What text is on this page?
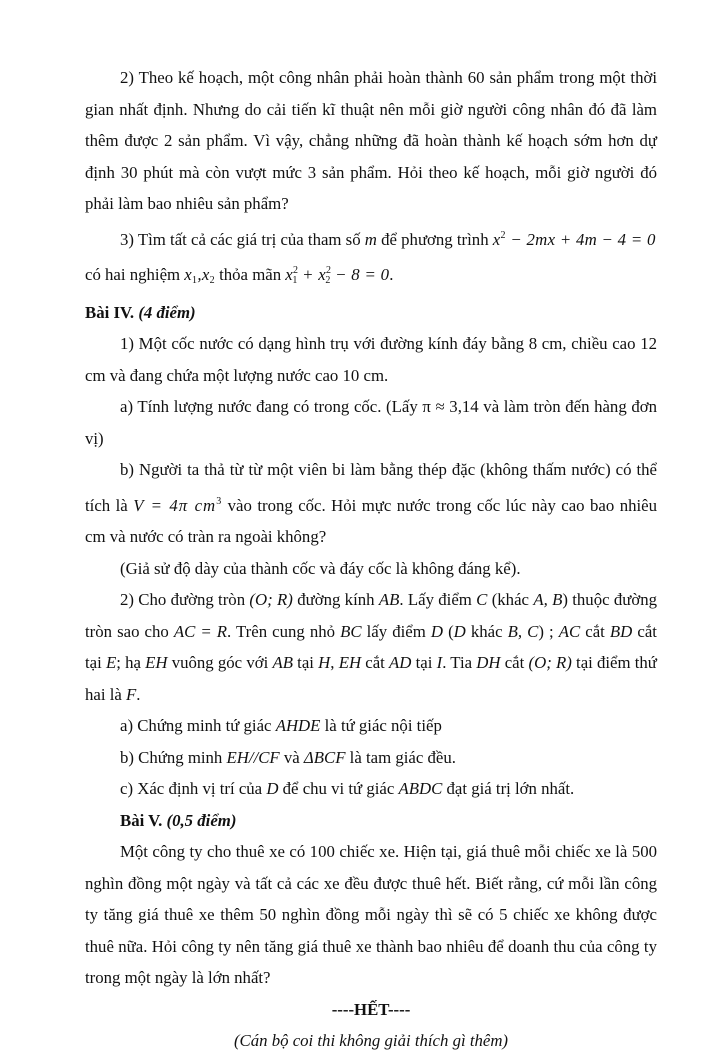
2) Theo kế hoạch, một công nhân phải hoàn thành 60 sản phẩm trong một thời gian nhất định. Nhưng do cải tiến kĩ thuật nên mỗi giờ người công nhân đó đã làm thêm được 2 sản phẩm. Vì vậy, chẳng những đã hoàn thành kế hoạch sớm hơn dự định 30 phút mà còn vượt mức 3 sản phẩm. Hỏi theo kế hoạch, mỗi giờ người đó phải làm bao nhiêu sản phẩm?

3) Tìm tất cả các giá trị của tham số m để phương trình $x^2 - 2mx + 4m - 4 = 0$

có hai nghiệm $x_1,x_2$ thỏa mãn $x^2_1 + x^2_2 - 8 = 0$.

Bài IV. (4 điểm)

1) Một cốc nước có dạng hình trụ với đường kính đáy bằng 8 cm, chiều cao 12 cm và đang chứa một lượng nước cao 10 cm.

a) Tính lượng nước đang có trong cốc. (Lấy π ≈ 3,14 và làm tròn đến hàng đơn vị)

b) Người ta thả từ từ một viên bi làm bằng thép đặc (không thấm nước) có thể tích là V = 4π $cm^3$ vào trong cốc. Hỏi mực nước trong cốc lúc này cao bao nhiêu cm và nước có tràn ra ngoài không?

(Giả sử độ dày của thành cốc và đáy cốc là không đáng kể).

2) Cho đường tròn (O; R) đường kính AB. Lấy điểm C (khác A, B) thuộc đường tròn sao cho AC = R. Trên cung nhỏ BC lấy điểm D (D khác B, C) ; AC cắt BD cắt tại E; hạ EH vuông góc với AB tại H, EH cắt AD tại I. Tia DH cắt (O; R) tại điểm thứ hai là F.

a) Chứng minh tứ giác AHDE là tứ giác nội tiếp

b) Chứng minh EH//CF và ΔBCF là tam giác đều.

c) Xác định vị trí của D để chu vi tứ giác ABDC đạt giá trị lớn nhất.

Bài V. (0,5 điểm)

Một công ty cho thuê xe có 100 chiếc xe. Hiện tại, giá thuê mỗi chiếc xe là 500 nghìn đồng một ngày và tất cả các xe đều được thuê hết. Biết rằng, cứ mỗi lần công ty tăng giá thuê xe thêm 50 nghìn đồng mỗi ngày thì sẽ có 5 chiếc xe không được thuê nữa. Hỏi công ty nên tăng giá thuê xe thành bao nhiêu để doanh thu của công ty trong một ngày là lớn nhất?

----HẾT----

(Cán bộ coi thi không giải thích gì thêm)
